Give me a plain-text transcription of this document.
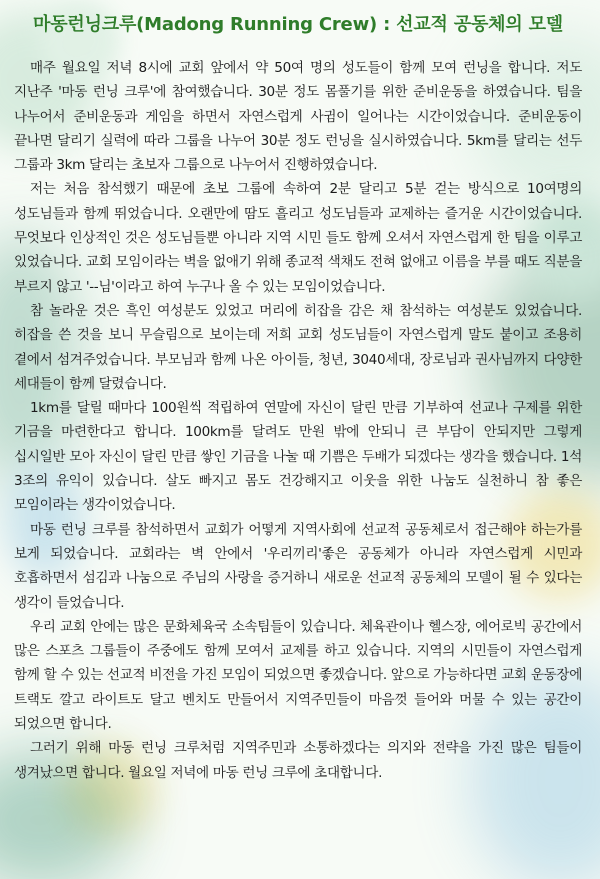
마동런닝크루(Madong Running Crew) : 선교적 공동체의 모델

매주 월요일 저녁 8시에 교회 앞에서 약 50여 명의 성도들이 함께 모여 런닝을 합니다. 저도 지난주 '마동 런닝 크루'에 참여했습니다. 30분 정도 몸풀기를 위한 준비운동을 하였습니다. 팀을 나누어서 준비운동과 게임을 하면서 자연스럽게 사귐이 일어나는 시간이었습니다. 준비운동이 끝나면 달리기 실력에 따라 그룹을 나누어 30분 정도 런닝을 실시하였습니다. 5km를 달리는 선두 그룹과 3km 달리는 초보자 그룹으로 나누어서 진행하였습니다.

저는 처음 참석했기 때문에 초보 그룹에 속하여 2분 달리고 5분 걷는 방식으로 10여명의 성도님들과 함께 뛰었습니다. 오랜만에 땀도 흘리고 성도님들과 교제하는 즐거운 시간이었습니다. 무엇보다 인상적인 것은 성도님들뿐 아니라 지역 시민 들도 함께 오셔서 자연스럽게 한 팀을 이루고 있었습니다. 교회 모임이라는 벽을 없애기 위해 종교적 색채도 전혀 없애고 이름을 부를 때도 직분을 부르지 않고 '--님'이라고 하여 누구나 올 수 있는 모임이었습니다.

참 놀라운 것은 흑인 여성분도 있었고 머리에 히잡을 감은 채 참석하는 여성분도 있었습니다. 히잡을 쓴 것을 보니 무슬림으로 보이는데 저희 교회 성도님들이 자연스럽게 말도 붙이고 조용히 곁에서 섬겨주었습니다. 부모님과 함께 나온 아이들, 청년, 3040세대, 장로님과 권사님까지 다양한 세대들이 함께 달렸습니다.

1km를 달릴 때마다 100원씩 적립하여 연말에 자신이 달린 만큼 기부하여 선교나 구제를 위한 기금을 마련한다고 합니다. 100km를 달려도 만원 밖에 안되니 큰 부담이 안되지만 그렇게 십시일반 모아 자신이 달린 만큼 쌓인 기금을 나눌 때 기쁨은 두배가 되겠다는 생각을 했습니다. 1석 3조의 유익이 있습니다. 살도 빠지고 몸도 건강해지고 이웃을 위한 나눔도 실천하니 참 좋은 모임이라는 생각이었습니다.

마동 런닝 크루를 참석하면서 교회가 어떻게 지역사회에 선교적 공동체로서 접근해야 하는가를 보게 되었습니다. 교회라는 벽 안에서 '우리끼리'좋은 공동체가 아니라 자연스럽게 시민과 호흡하면서 섬김과 나눔으로 주님의 사랑을 증거하니 새로운 선교적 공동체의 모델이 될 수 있다는 생각이 들었습니다.

우리 교회 안에는 많은 문화체육국 소속팀들이 있습니다. 체육관이나 헬스장, 에어로빅 공간에서 많은 스포츠 그룹들이 주중에도 함께 모여서 교제를 하고 있습니다. 지역의 시민들이 자연스럽게 함께 할 수 있는 선교적 비전을 가진 모임이 되었으면 좋겠습니다. 앞으로 가능하다면 교회 운동장에 트랙도 깔고 라이트도 달고 벤치도 만들어서 지역주민들이 마음껏 들어와 머물 수 있는 공간이 되었으면 합니다.

그러기 위해 마동 런닝 크루처럼 지역주민과 소통하겠다는 의지와 전략을 가진 많은 팀들이 생겨났으면 합니다. 월요일 저녁에 마동 런닝 크루에 초대합니다.
